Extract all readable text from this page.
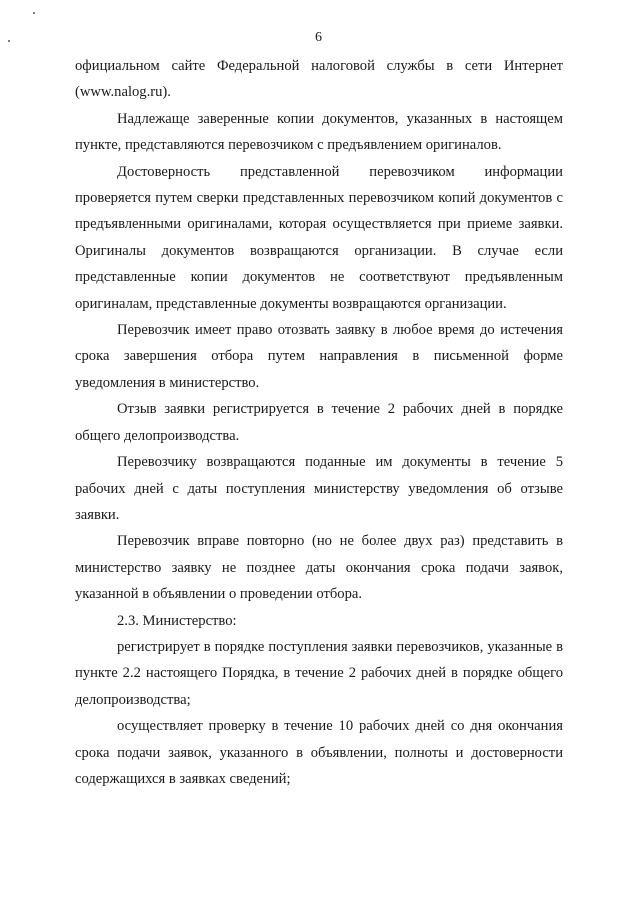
6

официальном сайте Федеральной налоговой службы в сети Интернет (www.nalog.ru).

Надлежаще заверенные копии документов, указанных в настоящем пункте, представляются перевозчиком с предъявлением оригиналов.

Достоверность представленной перевозчиком информации проверяется путем сверки представленных перевозчиком копий документов с предъявленными оригиналами, которая осуществляется при приеме заявки. Оригиналы документов возвращаются организации. В случае если представленные копии документов не соответствуют предъявленным оригиналам, представленные документы возвращаются организации.

Перевозчик имеет право отозвать заявку в любое время до истечения срока завершения отбора путем направления в письменной форме уведомления в министерство.

Отзыв заявки регистрируется в течение 2 рабочих дней в порядке общего делопроизводства.

Перевозчику возвращаются поданные им документы в течение 5 рабочих дней с даты поступления министерству уведомления об отзыве заявки.

Перевозчик вправе повторно (но не более двух раз) представить в министерство заявку не позднее даты окончания срока подачи заявок, указанной в объявлении о проведении отбора.

2.3. Министерство:

регистрирует в порядке поступления заявки перевозчиков, указанные в пункте 2.2 настоящего Порядка, в течение 2 рабочих дней в порядке общего делопроизводства;

осуществляет проверку в течение 10 рабочих дней со дня окончания срока подачи заявок, указанного в объявлении, полноты и достоверности содержащихся в заявках сведений;
